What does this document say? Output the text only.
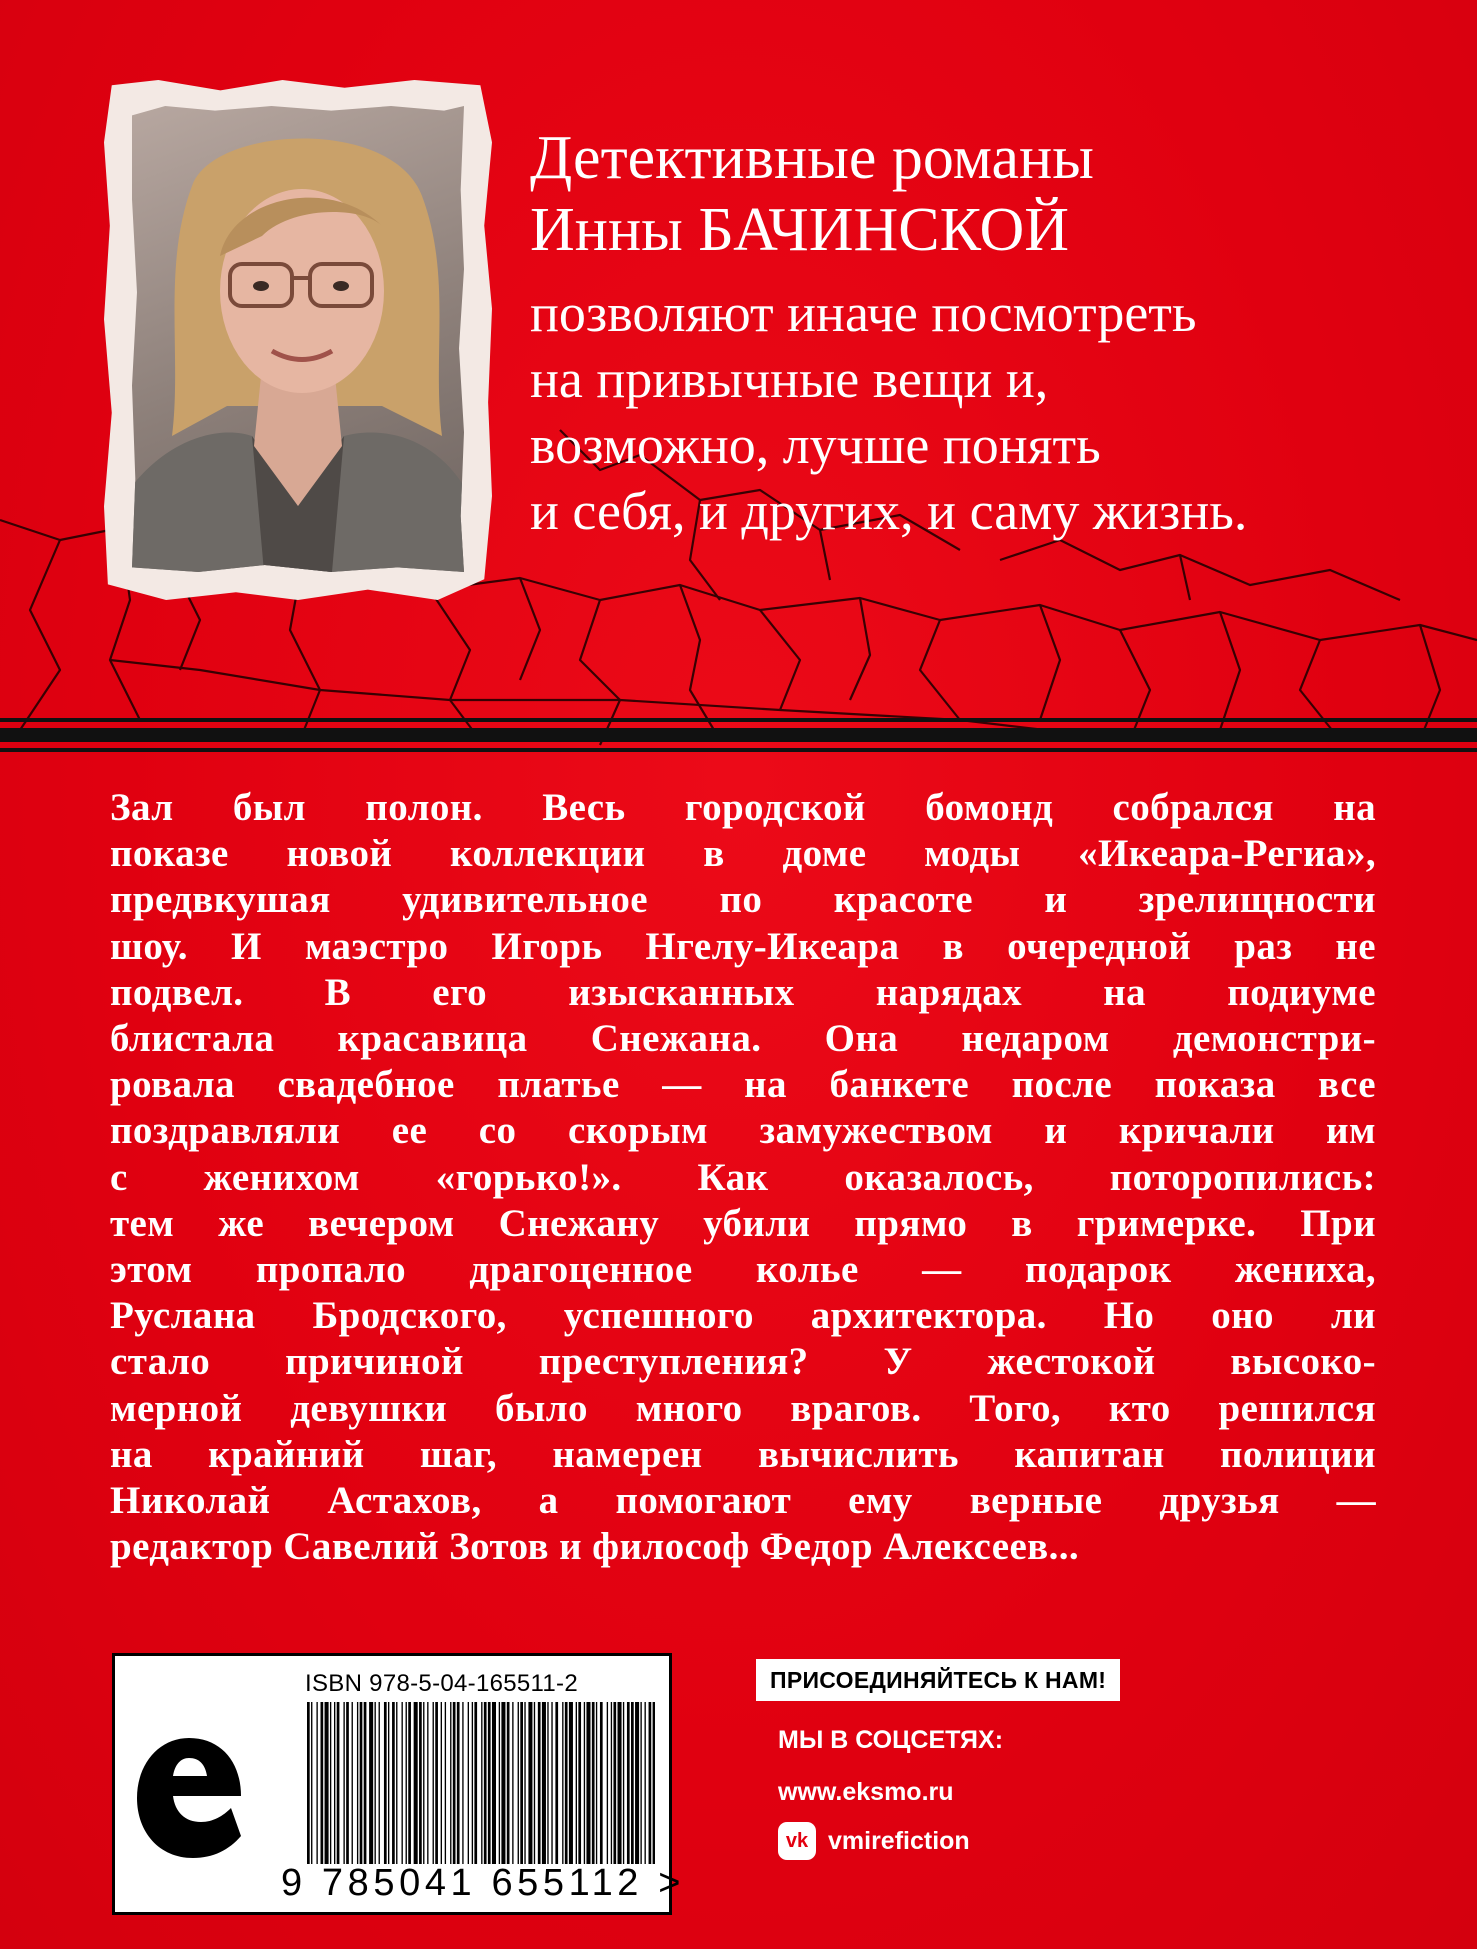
Детективные романы
Инны БАЧИНСКОЙ
позволяют иначе посмотреть
на привычные вещи и,
возможно, лучше понять
и себя, и других, и саму жизнь.
Зал был полон. Весь городской бомонд собрался на
показе новой коллекции в доме моды «Икеара-Региа»,
предвкушая удивительное по красоте и зрелищности
шоу. И маэстро Игорь Нгелу-Икеара в очередной раз не
подвел. В его изысканных нарядах на подиуме
блистала красавица Снежана. Она недаром демонстри-
ровала свадебное платье — на банкете после показа все
поздравляли ее со скорым замужеством и кричали им
с женихом «горько!». Как оказалось, поторопились:
тем же вечером Снежану убили прямо в гримерке. При
этом пропало драгоценное колье — подарок жениха,
Руслана Бродского, успешного архитектора. Но оно ли
стало причиной преступления? У жестокой высоко-
мерной девушки было много врагов. Того, кто решился
на крайний шаг, намерен вычислить капитан полиции
Николай Астахов, а помогают ему верные друзья —
редактор Савелий Зотов и философ Федор Алексеев...
ISBN 978-5-04-165511-2
9 785041 655112 >
ПРИСОЕДИНЯЙТЕСЬ К НАМ!
МЫ В СОЦСЕТЯХ:
www.eksmo.ru
vk vmirefiction
